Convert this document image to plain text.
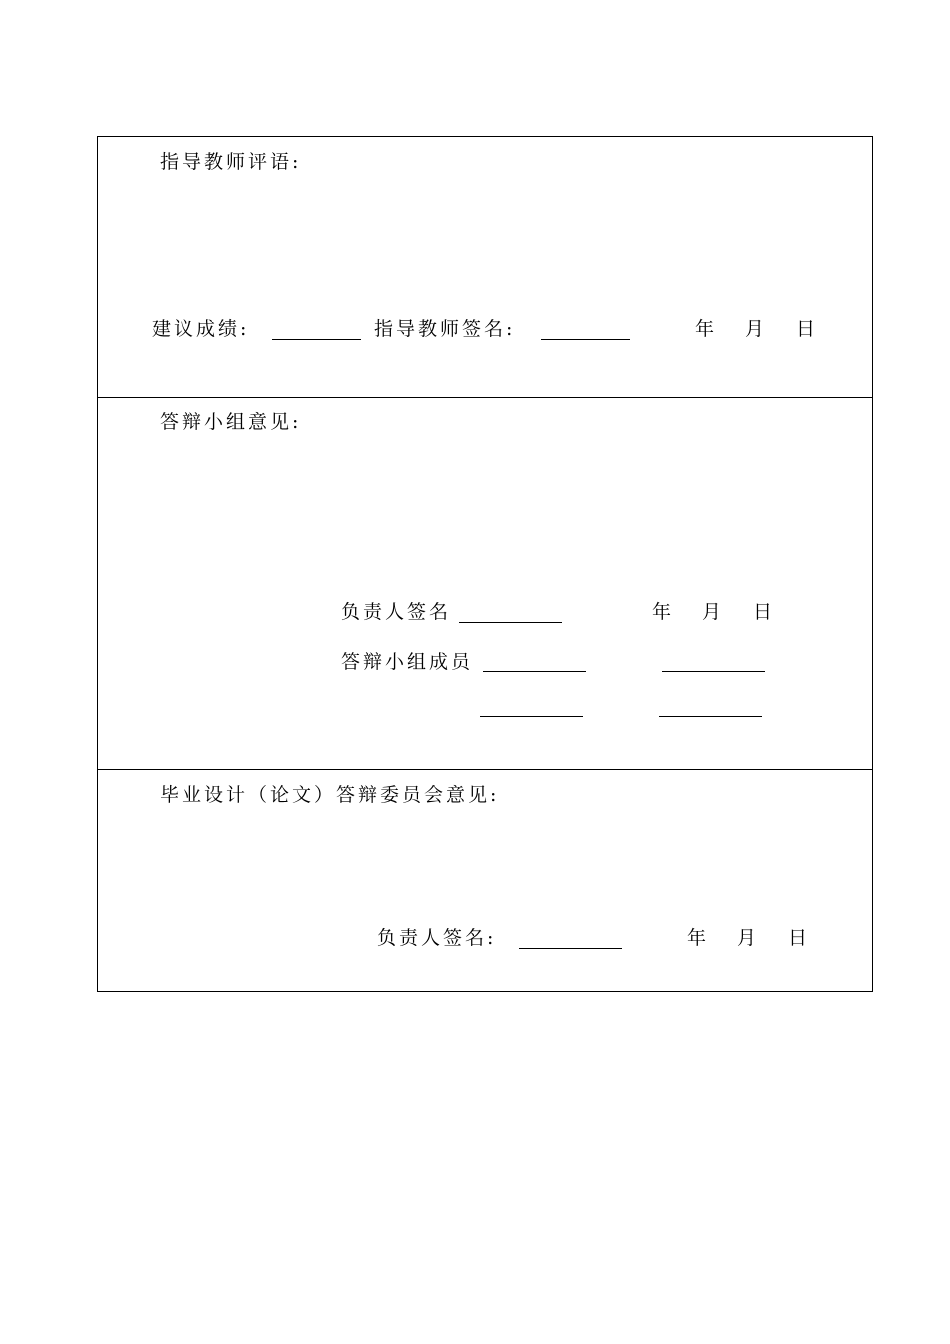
指导教师评语:
建议成绩:	指导教师签名:	年 月 日
答辩小组意见:
负责人签名	年 月 日
答辩小组成员
毕业设计（论文）答辩委员会意见:
负责人签名:	年 月 日
